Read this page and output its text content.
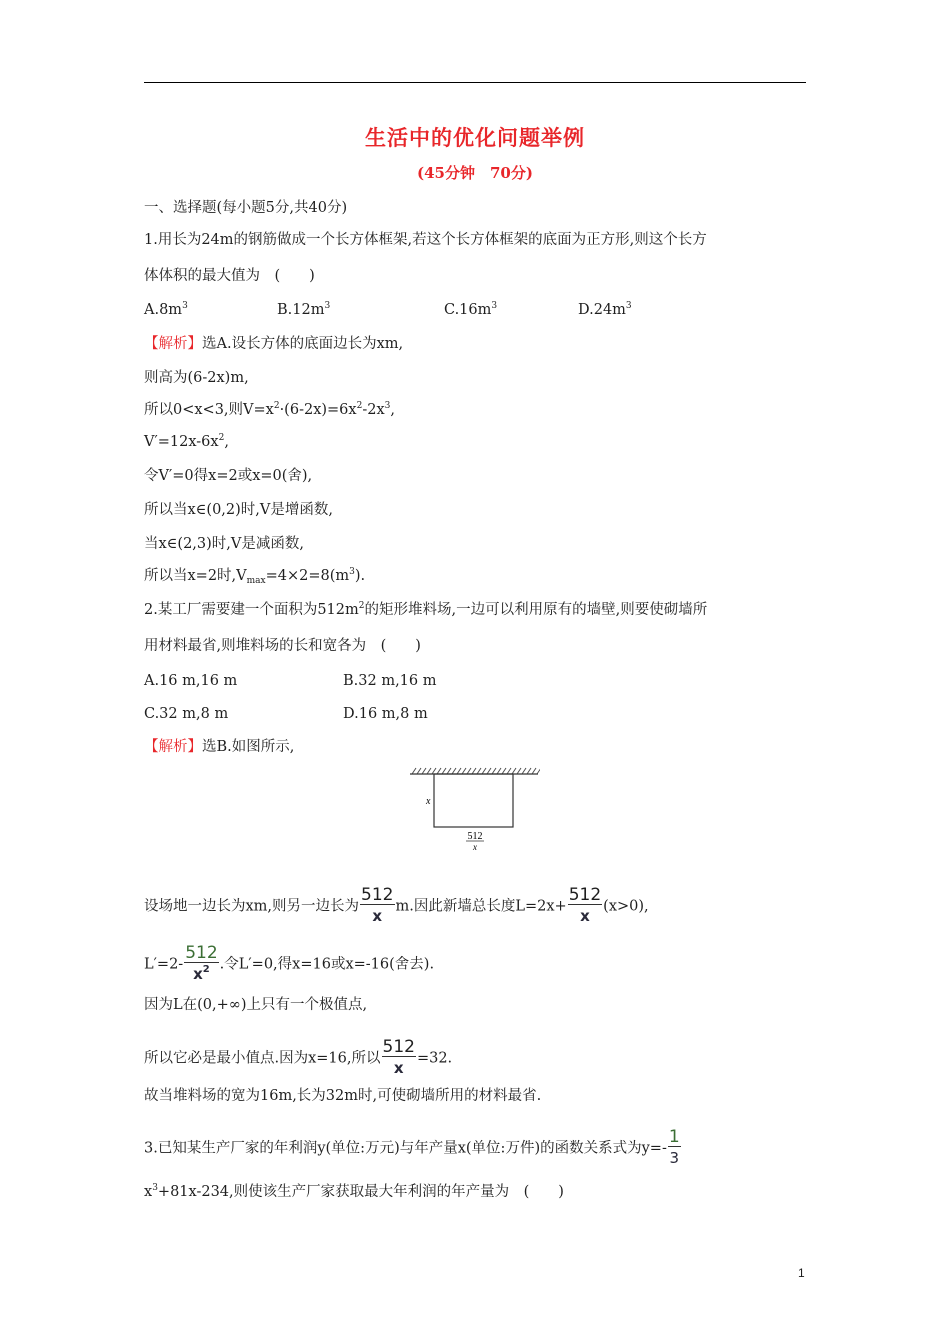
生活中的优化问题举例
(45分钟　70分)
一、选择题(每小题5分,共40分)
1.用长为24m的钢筋做成一个长方体框架,若这个长方体框架的底面为正方形,则这个长方
体体积的最大值为　(　　)
$A.8m^3$	$B.12m^3$	$C.16m^3$	$D.24m^3$
【解析】选A.设长方体的底面边长为xm,
则高为(6-2x)m,
所以0<x<3,则$V=x^2\cdot(6-2x)=6x^2-2x^3$,
$V'=12x-6x^2$,
令V′=0得x=2或x=0(舍),
所以当x∈(0,2)时,V是增函数,
当x∈(2,3)时,V是减函数,
所以当x=2时$,V_{max}=4\times 2=8(m^3)$.
2.某工厂需要建一个面积为$512m^2$的矩形堆料场,一边可以利用原有的墙壁,则要使砌墙所
用材料最省,则堆料场的长和宽各为　(　　)
A.16 m,16 m	B.32 m,16 m
C.32 m,8 m	D.16 m,8 m
【解析】选B.如图所示,
x
512
x
设场地一边长为xm,则另一边长为 $\frac{512}{x} m$.因此新墙总长度$L=2x+ \frac{512}{x} (x>0)$,
$L'=2- \frac{512}{x^2}$ .令L′=0,得x=16或x=-16(舍去).
因为L在(0,+∞)上只有一个极值点,
所以它必是最小值点.因为x=16,所以 $\frac{512}{x} =32$.
故当堆料场的宽为16m,长为32m时,可使砌墙所用的材料最省.
3.已知某生产厂家的年利润y(单位:万元)与年产量x(单位:万件)的函数关系式为$y=- \frac{1}{3}$
$x^3+81x-234$,则使该生产厂家获取最大年利润的年产量为　(　　)
1
